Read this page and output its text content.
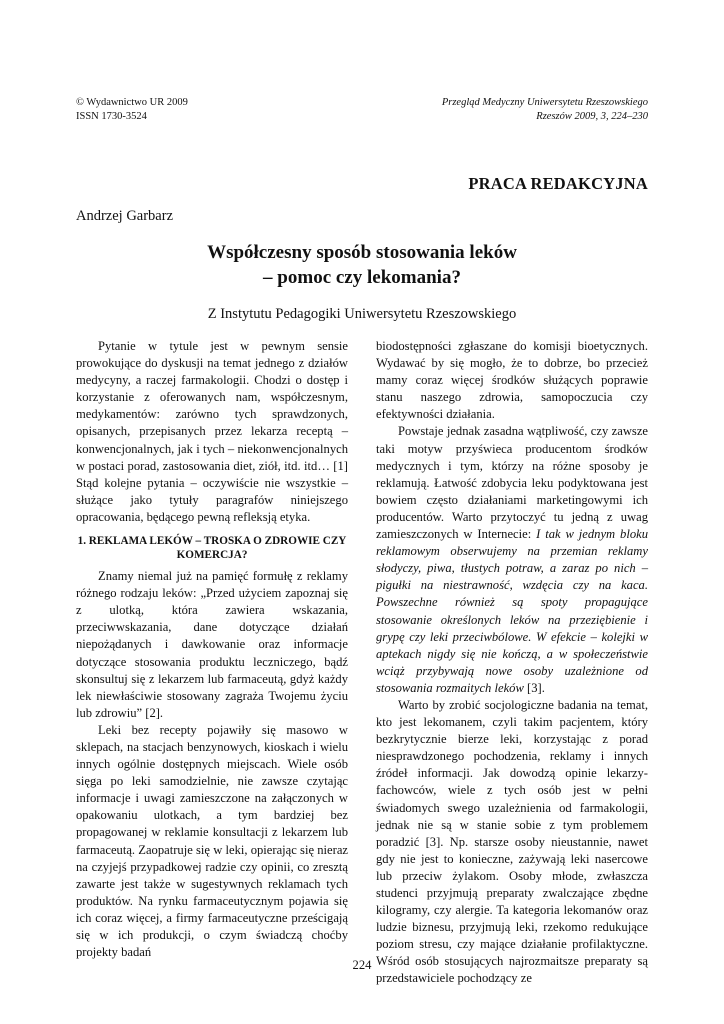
© Wydawnictwo UR 2009
ISSN 1730-3524
Przegląd Medyczny Uniwersytetu Rzeszowskiego
Rzeszów 2009, 3, 224–230
PRACA REDAKCYJNA
Andrzej Garbarz
Współczesny sposób stosowania leków
– pomoc czy lekomania?
Z Instytutu Pedagogiki Uniwersytetu Rzeszowskiego

Pytanie w tytule jest w pewnym sensie prowokujące do dyskusji na temat jednego z działów medycyny, a raczej farmakologii. Chodzi o dostęp i korzystanie z oferowanych nam, współczesnym, medykamentów: zarówno tych sprawdzonych, opisanych, przepisanych przez lekarza receptą – konwencjonalnych, jak i tych – niekonwencjonalnych w postaci porad, zastosowania diet, ziół, itd. itd… [1] Stąd kolejne pytania – oczywiście nie wszystkie – służące jako tytuły paragrafów niniejszego opracowania, będącego pewną refleksją etyka.

1. REKLAMA LEKÓW – TROSKA O ZDROWIE CZY KOMERCJA?

Znamy niemal już na pamięć formułę z reklamy różnego rodzaju leków: „Przed użyciem zapoznaj się z ulotką, która zawiera wskazania, przeciwwskazania, dane dotyczące działań niepożądanych i dawkowanie oraz informacje dotyczące stosowania produktu leczniczego, bądź skonsultuj się z lekarzem lub farmaceutą, gdyż każdy lek niewłaściwie stosowany zagraża Twojemu życiu lub zdrowiu” [2].

Leki bez recepty pojawiły się masowo w sklepach, na stacjach benzynowych, kioskach i wielu innych ogólnie dostępnych miejscach. Wiele osób sięga po leki samodzielnie, nie zawsze czytając informacje i uwagi zamieszczone na załączonych w opakowaniu ulotkach, a tym bardziej bez propagowanej w reklamie konsultacji z lekarzem lub farmaceutą. Zaopatruje się w leki, opierając się nieraz na czyjejś przypadkowej radzie czy opinii, co zresztą zawarte jest także w sugestywnych reklamach tych produktów. Na rynku farmaceutycznym pojawia się ich coraz więcej, a firmy farmaceutyczne prześcigają się w ich produkcji, o czym świadczą choćby projekty badań

biodostępności zgłaszane do komisji bioetycznych. Wydawać by się mogło, że to dobrze, bo przecież mamy coraz więcej środków służących poprawie stanu naszego zdrowia, samopoczucia czy efektywności działania.

Powstaje jednak zasadna wątpliwość, czy zawsze taki motyw przyświeca producentom środków medycznych i tym, którzy na różne sposoby je reklamują. Łatwość zdobycia leku podyktowana jest bowiem często działaniami marketingowymi ich producentów. Warto przytoczyć tu jedną z uwag zamieszczonych w Internecie: I tak w jednym bloku reklamowym obserwujemy na przemian reklamy słodyczy, piwa, tłustych potraw, a zaraz po nich – pigułki na niestrawność, wzdęcia czy na kaca. Powszechne również są spoty propagujące stosowanie określonych leków na przeziębienie i grypę czy leki przeciwbólowe. W efekcie – kolejki w aptekach nigdy się nie kończą, a w społeczeństwie wciąż przybywają nowe osoby uzależnione od stosowania rozmaitych leków [3].

Warto by zrobić socjologiczne badania na temat, kto jest lekomanem, czyli takim pacjentem, który bezkrytycznie bierze leki, korzystając z porad niesprawdzonego pochodzenia, reklamy i innych źródeł informacji. Jak dowodzą opinie lekarzy-fachowców, wiele z tych osób jest w pełni świadomych swego uzależnienia od farmakologii, jednak nie są w stanie sobie z tym problemem poradzić [3]. Np. starsze osoby nieustannie, nawet gdy nie jest to konieczne, zażywają leki nasercowe lub przeciw żylakom. Osoby młode, zwłaszcza studenci przyjmują preparaty zwalczające zbędne kilogramy, czy alergie. Ta kategoria lekomanów oraz ludzie biznesu, przyjmują leki, rzekomo redukujące poziom stresu, czy mające działanie profilaktyczne. Wśród osób stosujących najrozmaitsze preparaty są przedstawiciele pochodzący ze

224
